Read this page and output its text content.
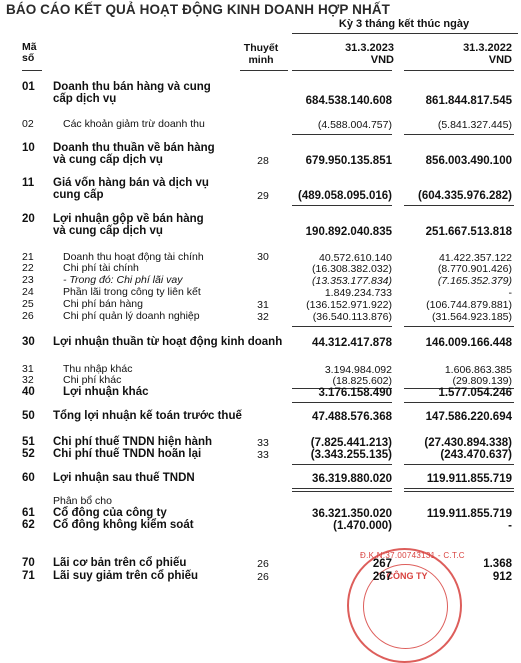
BÁO CÁO KẾT QUẢ HOẠT ĐỘNG KINH DOANH HỢP NHẤT
Kỳ 3 tháng kết thúc ngày
Mã
số
Thuyết
minh
31.3.2023
VND
31.3.2022
VND
01	Doanh thu bán hàng và cung
cấp dịch vụ	684.538.140.608	861.844.817.545
02	Các khoản giảm trừ doanh thu	(4.588.004.757)	(5.841.327.445)
10	Doanh thu thuần về bán hàng
và cung cấp dịch vụ	28	679.950.135.851	856.003.490.100
11	Giá vốn hàng bán và dịch vụ
cung cấp	29	(489.058.095.016)	(604.335.976.282)
20	Lợi nhuận gộp về bán hàng
và cung cấp dịch vụ	190.892.040.835	251.667.513.818
21	Doanh thu hoạt động tài chính	30	40.572.610.140	41.422.357.122
22	Chi phí tài chính	(16.308.382.032)	(8.770.901.426)
23	- Trong đó: Chi phí lãi vay	(13.353.177.834)	(7.165.352.379)
24	Phần lãi trong công ty liên kết	1.849.234.733	-
25	Chi phí bán hàng	31	(136.152.971.922)	(106.744.879.881)
26	Chi phí quản lý doanh nghiệp	32	(36.540.113.876)	(31.564.923.185)
30	Lợi nhuận thuần từ hoạt động kinh doanh	44.312.417.878	146.009.166.448
31	Thu nhập khác	3.194.984.092	1.606.863.385
32	Chi phí khác	(18.825.602)	(29.809.139)
40	Lợi nhuận khác	3.176.158.490	1.577.054.246
50	Tổng lợi nhuận kế toán trước thuế	47.488.576.368	147.586.220.694
51	Chi phí thuế TNDN hiện hành	33	(7.825.441.213)	(27.430.894.338)
52	Chi phí thuế TNDN hoãn lại	33	(3.343.255.135)	(243.470.637)
60	Lợi nhuận sau thuế TNDN	36.319.880.020	119.911.855.719
Phân bổ cho
61	Cổ đông của công ty	36.321.350.020	119.911.855.719
62	Cổ đông không kiểm soát	(1.470.000)	-
Đ.K.N:37.00743131 - C.T.C
CÔNG TY
70	Lãi cơ bản trên cổ phiếu	26	267	1.368
71	Lãi suy giảm trên cổ phiếu	26	267	912
